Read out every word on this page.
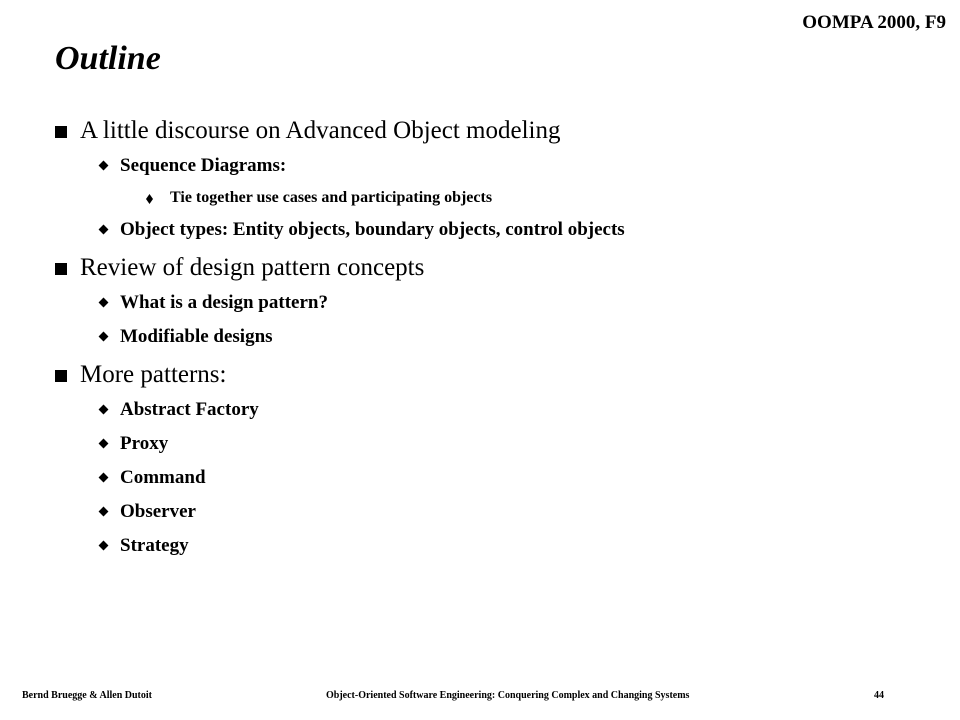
OOMPA 2000, F9
Outline
A little discourse on Advanced Object modeling
Sequence Diagrams:
Tie together use cases and participating objects
Object types: Entity objects, boundary objects, control objects
Review of design pattern concepts
What is a design pattern?
Modifiable designs
More patterns:
Abstract Factory
Proxy
Command
Observer
Strategy
Bernd Bruegge & Allen Dutoit	Object-Oriented Software Engineering: Conquering Complex and Changing Systems	44
